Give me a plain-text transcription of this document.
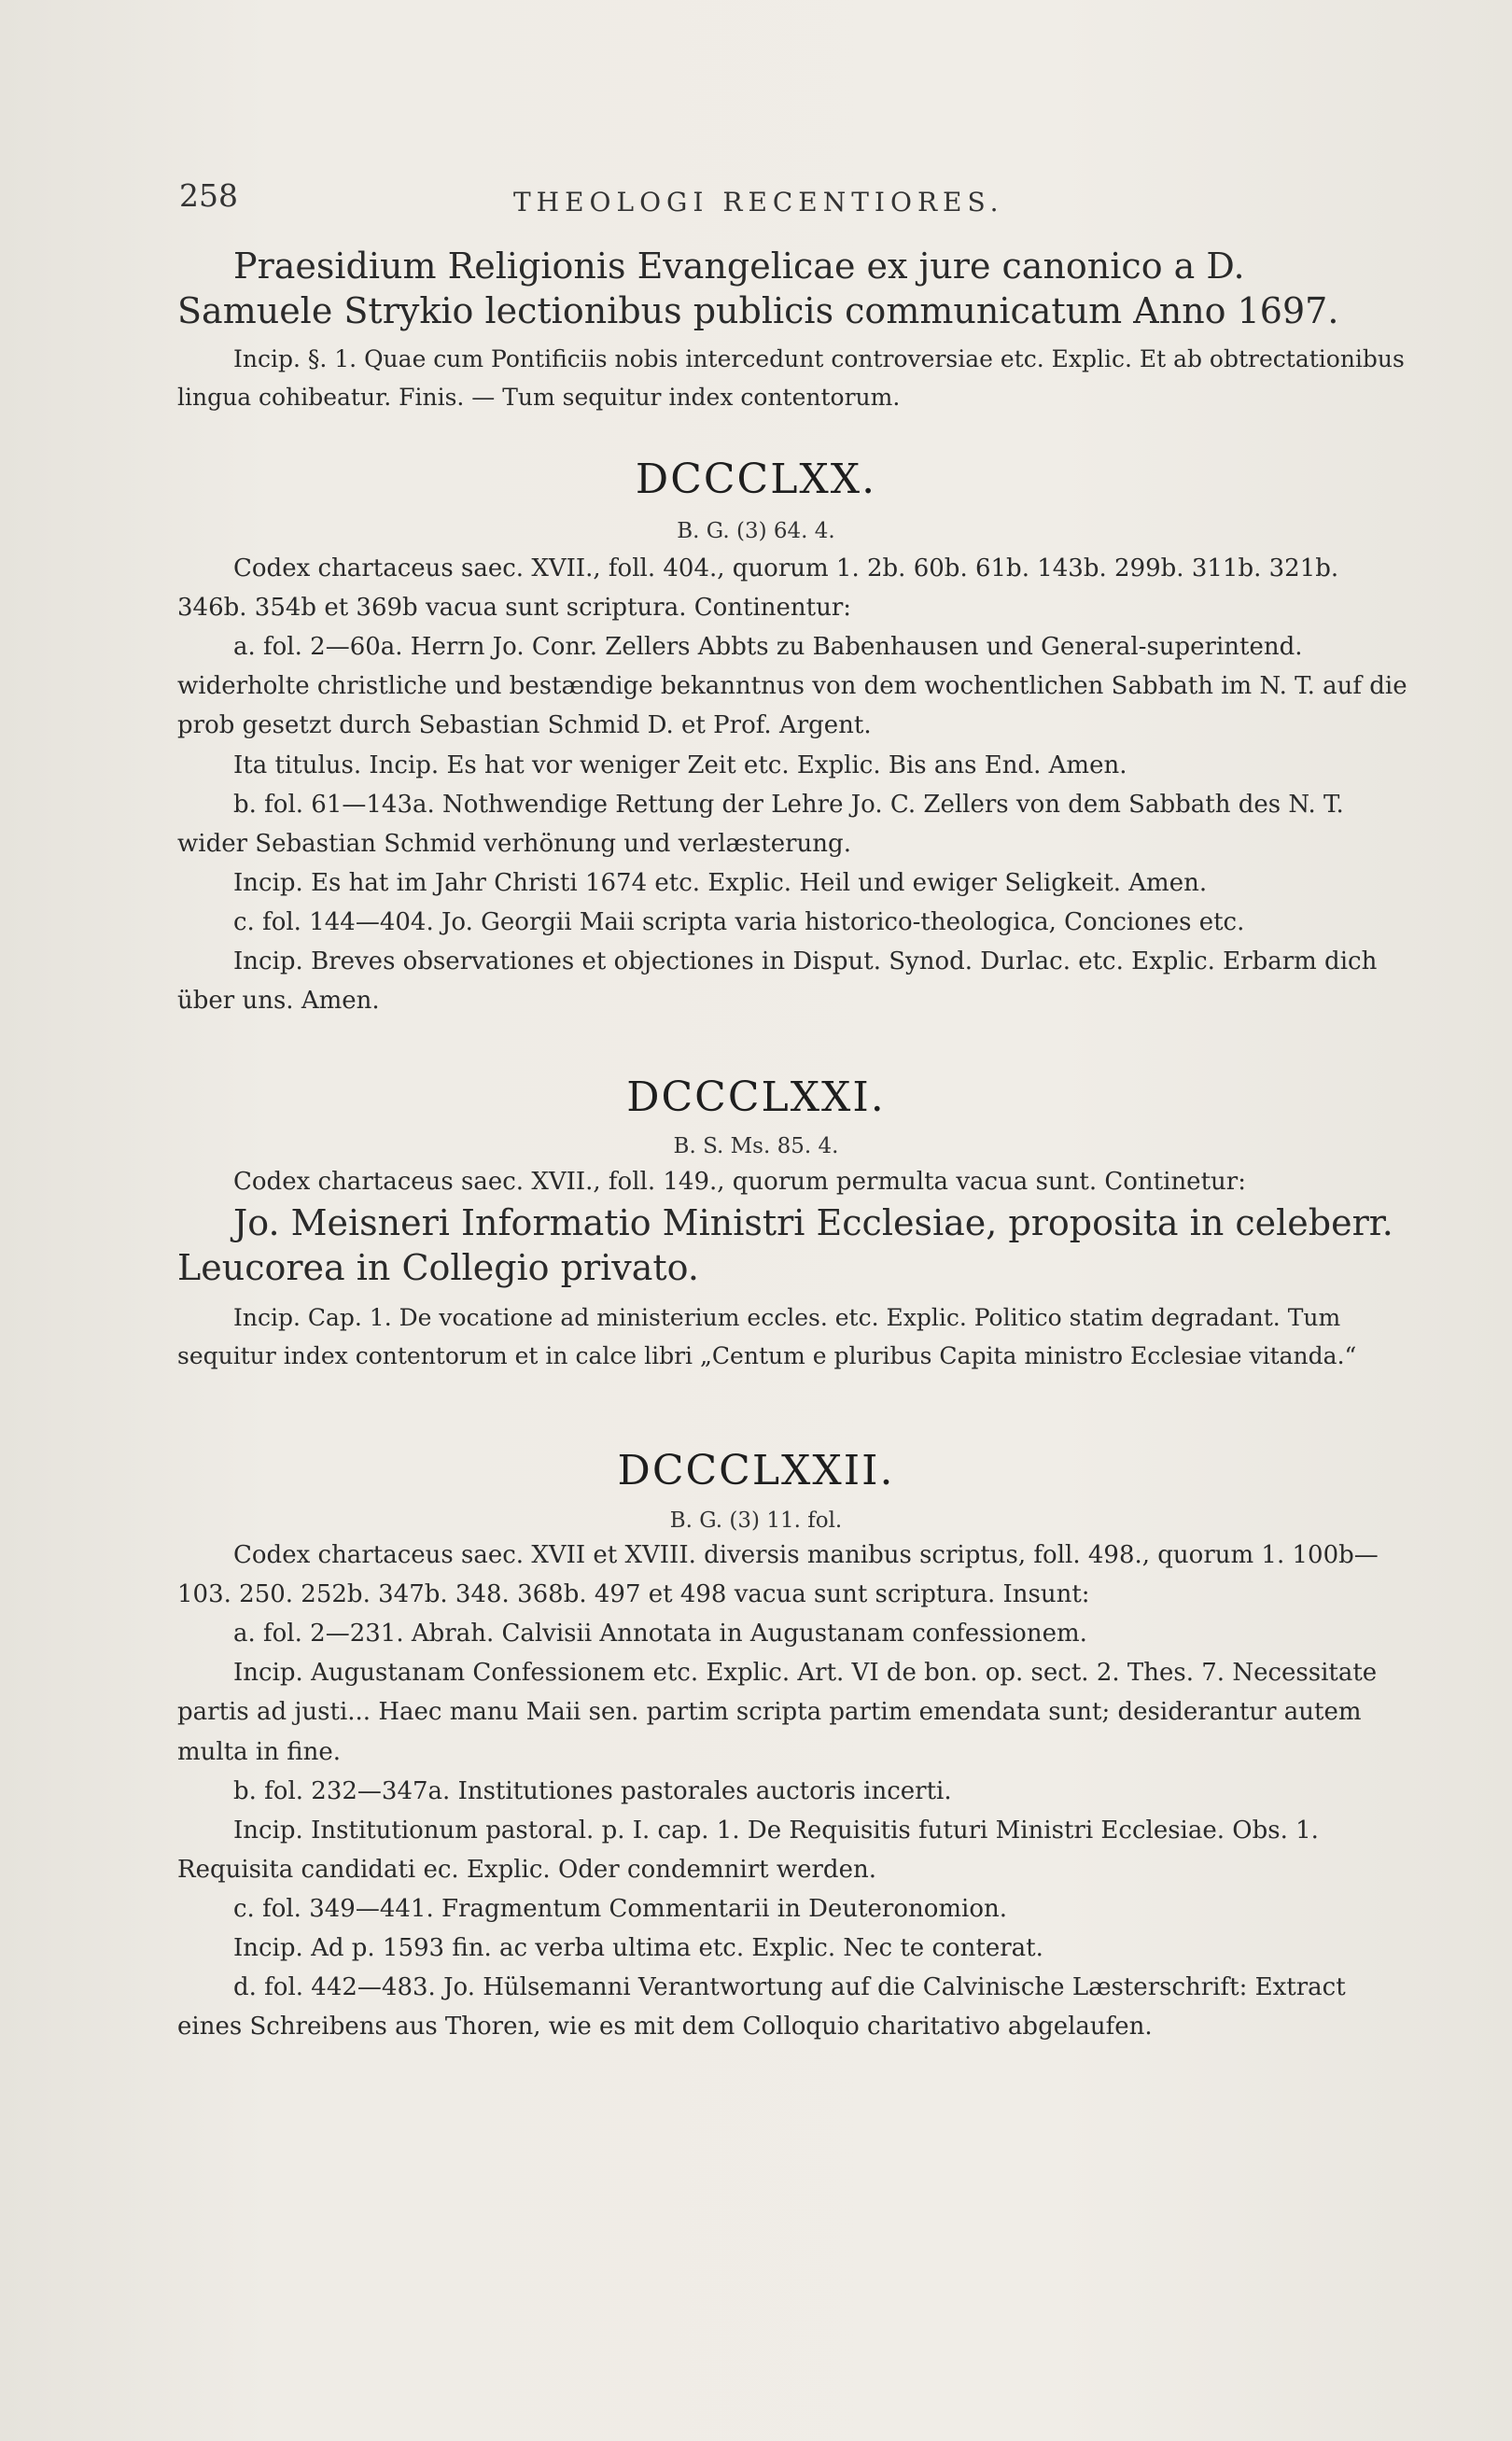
258	THEOLOGI RECENTIORES.

Praesidium Religionis Evangelicae ex jure canonico a D. Samuele Strykio lectionibus publicis communicatum Anno 1697.

Incip. §. 1. Quae cum Pontificiis nobis intercedunt controversiae etc. Explic. Et ab obtrectationibus lingua cohibeatur. Finis. — Tum sequitur index contentorum.

DCCCLXX.
B. G. (3) 64. 4.

Codex chartaceus saec. XVII., foll. 404., quorum 1. 2b. 60b. 61b. 143b. 299b. 311b. 321b. 346b. 354b et 369b vacua sunt scriptura. Continentur:

a. fol. 2—60a. Herrn Jo. Conr. Zellers Abbts zu Babenhausen und General-superintend. widerholte christliche und bestændige bekanntnus von dem wochentlichen Sabbath im N. T. auf die prob gesetzt durch Sebastian Schmid D. et Prof. Argent.

Ita titulus. Incip. Es hat vor weniger Zeit etc. Explic. Bis ans End. Amen.

b. fol. 61—143a. Nothwendige Rettung der Lehre Jo. C. Zellers von dem Sabbath des N. T. wider Sebastian Schmid verhönung und verlæsterung.

Incip. Es hat im Jahr Christi 1674 etc. Explic. Heil und ewiger Seligkeit. Amen.

c. fol. 144—404. Jo. Georgii Maii scripta varia historico-theologica, Conciones etc.

Incip. Breves observationes et objectiones in Disput. Synod. Durlac. etc. Explic. Erbarm dich über uns. Amen.

DCCCLXXI.
B. S. Ms. 85. 4.

Codex chartaceus saec. XVII., foll. 149., quorum permulta vacua sunt. Continetur:

Jo. Meisneri Informatio Ministri Ecclesiae, proposita in celeberr. Leucorea in Collegio privato.

Incip. Cap. 1. De vocatione ad ministerium eccles. etc. Explic. Politico statim degradant. Tum sequitur index contentorum et in calce libri „Centum e pluribus Capita ministro Ecclesiae vitanda.“

DCCCLXXII.
B. G. (3) 11. fol.

Codex chartaceus saec. XVII et XVIII. diversis manibus scriptus, foll. 498., quorum 1. 100b—103. 250. 252b. 347b. 348. 368b. 497 et 498 vacua sunt scriptura. Insunt:

a. fol. 2—231. Abrah. Calvisii Annotata in Augustanam confessionem.

Incip. Augustanam Confessionem etc. Explic. Art. VI de bon. op. sect. 2. Thes. 7. Necessitate partis ad justi... Haec manu Maii sen. partim scripta partim emendata sunt; desiderantur autem multa in fine.

b. fol. 232—347a. Institutiones pastorales auctoris incerti.

Incip. Institutionum pastoral. p. I. cap. 1. De Requisitis futuri Ministri Ecclesiae. Obs. 1. Requisita candidati ec. Explic. Oder condemnirt werden.

c. fol. 349—441. Fragmentum Commentarii in Deuteronomion.

Incip. Ad p. 1593 fin. ac verba ultima etc. Explic. Nec te conterat.

d. fol. 442—483. Jo. Hülsemanni Verantwortung auf die Calvinische Læsterschrift: Extract eines Schreibens aus Thoren, wie es mit dem Colloquio charitativo abgelaufen.
